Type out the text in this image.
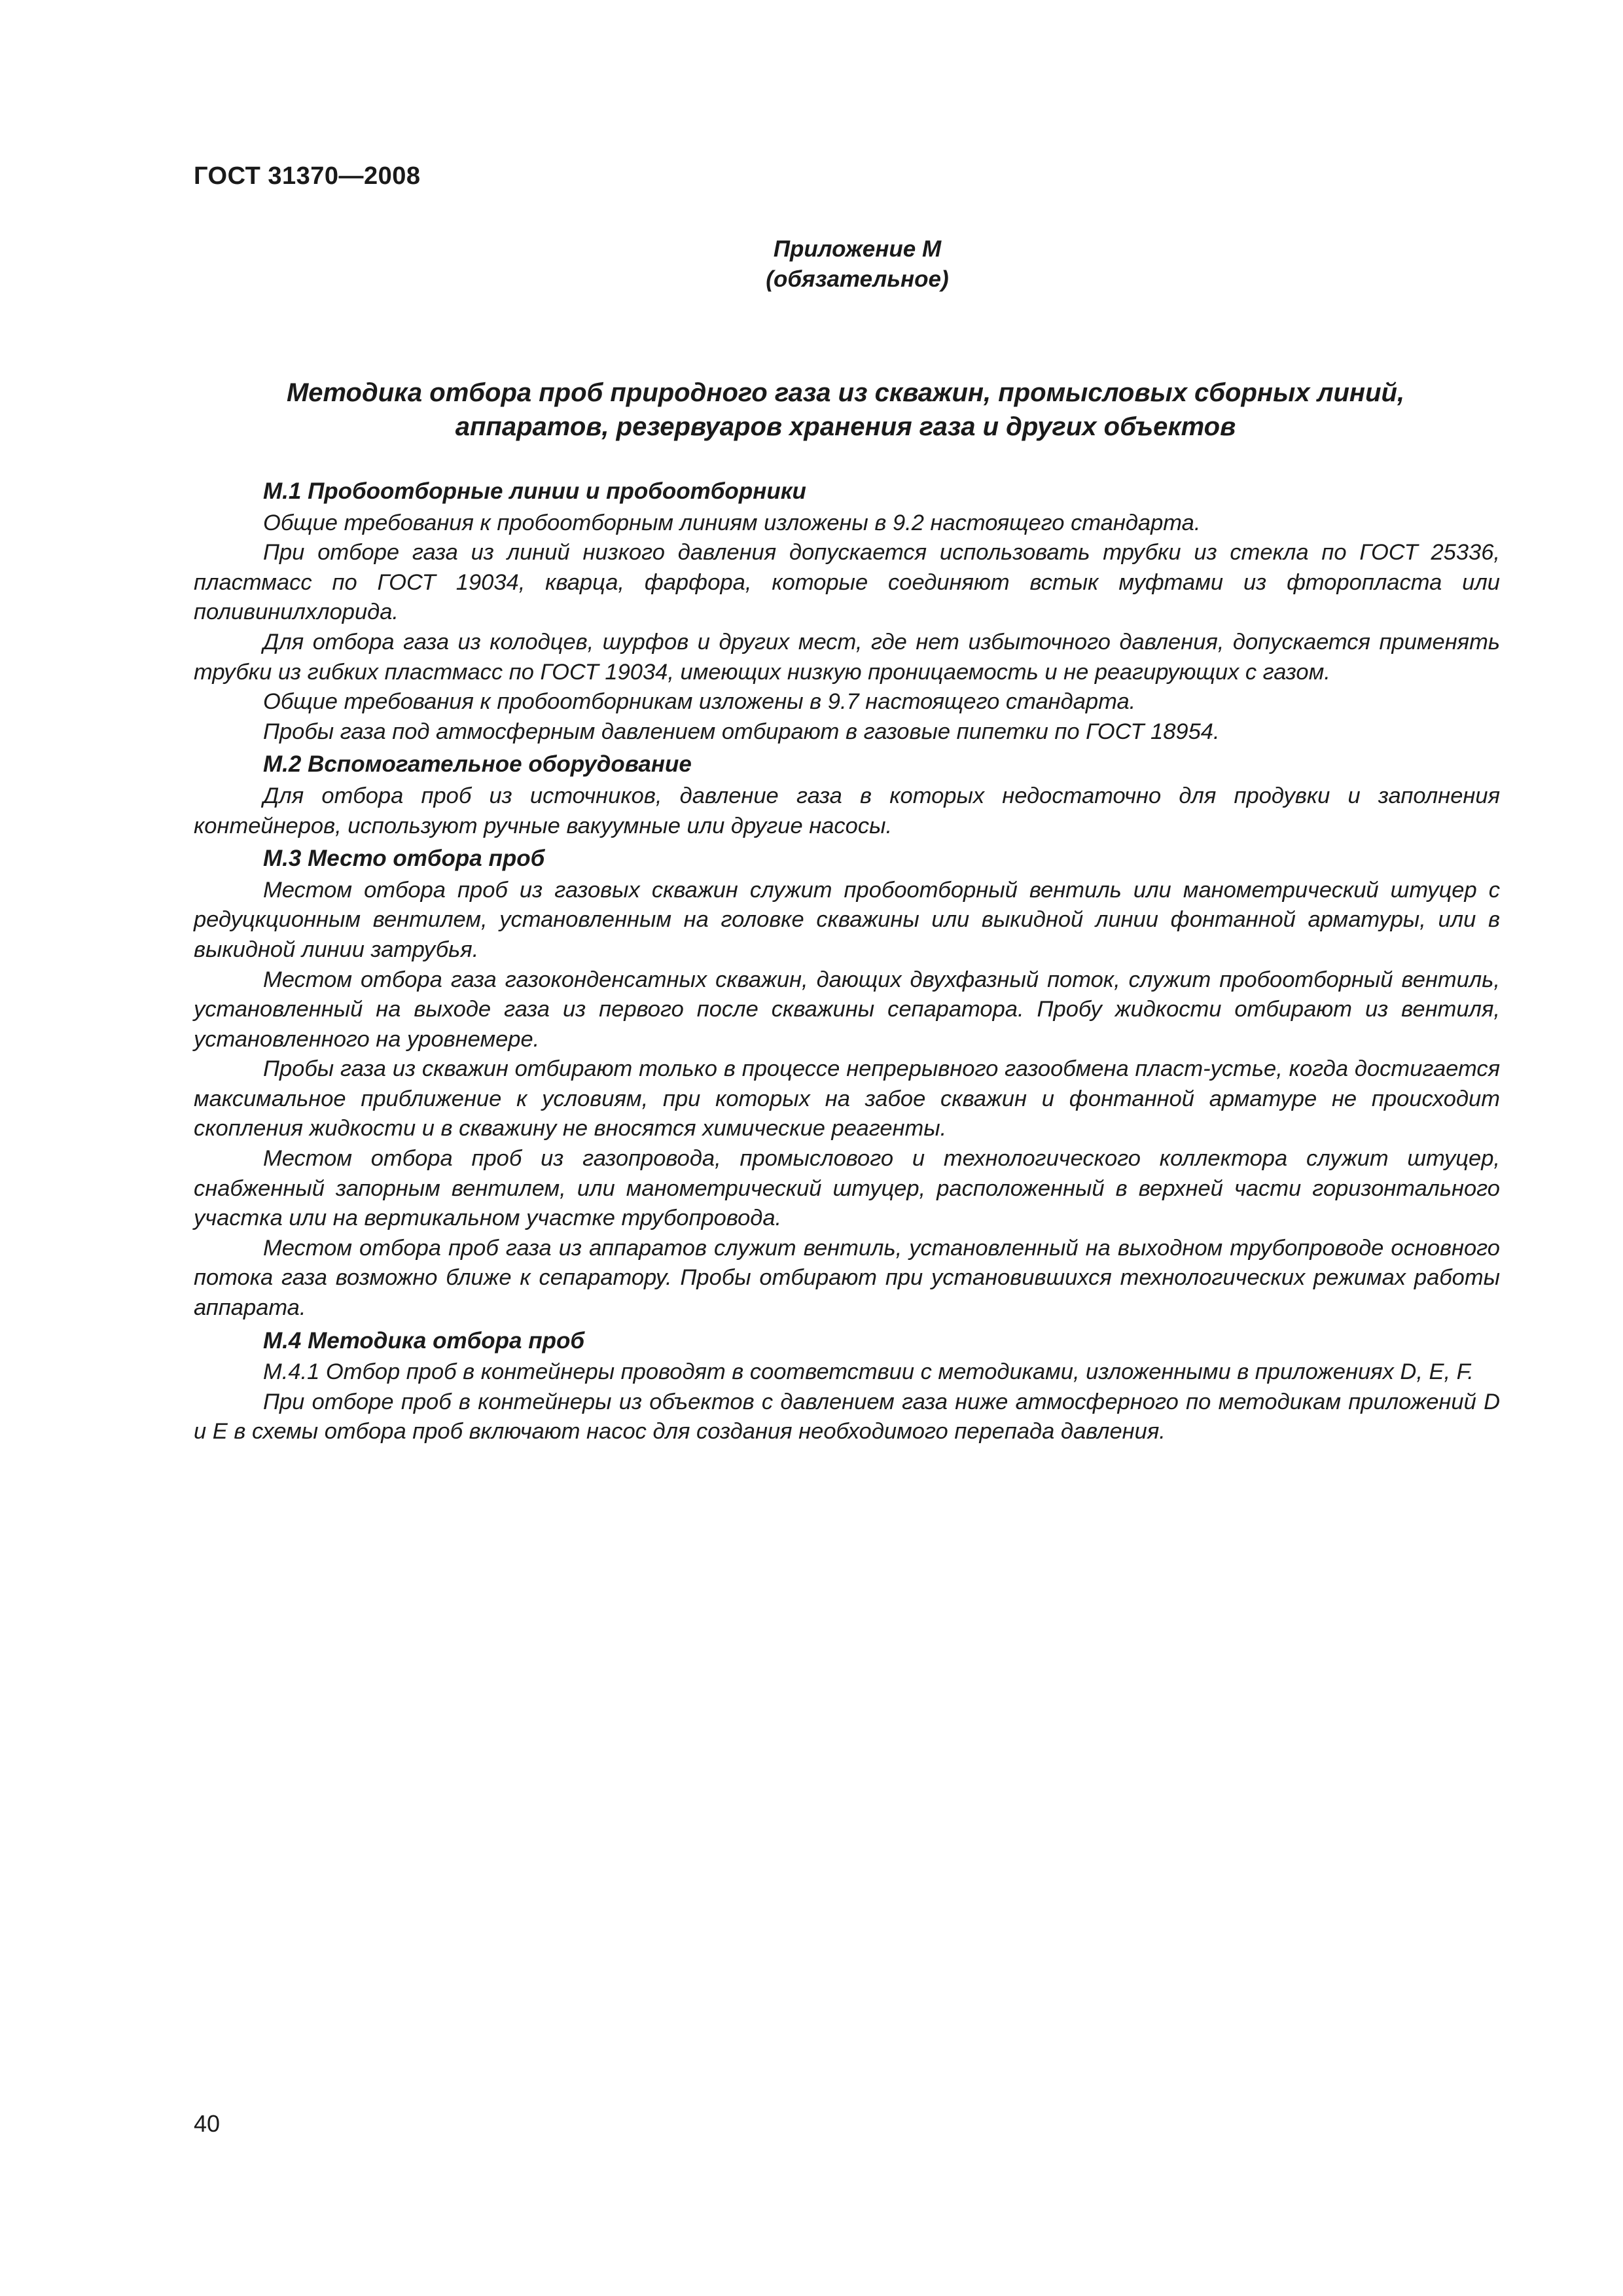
ГОСТ 31370—2008
Приложение М
(обязательное)
Методика отбора проб природного газа из скважин, промысловых сборных линий,
аппаратов, резервуаров хранения газа и других объектов
М.1 Пробоотборные линии и пробоотборники

Общие требования к пробоотборным линиям изложены в 9.2 настоящего стандарта.

При отборе газа из линий низкого давления допускается использовать трубки из стекла по ГОСТ 25336, пластмасс по ГОСТ 19034, кварца, фарфора, которые соединяют встык муфтами из фторопласта или поливинилхлорида.

Для отбора газа из колодцев, шурфов и других мест, где нет избыточного давления, допускается применять трубки из гибких пластмасс по ГОСТ 19034, имеющих низкую проницаемость и не реагирующих с газом.

Общие требования к пробоотборникам изложены в 9.7 настоящего стандарта.

Пробы газа под атмосферным давлением отбирают в газовые пипетки по ГОСТ 18954.

М.2 Вспомогательное оборудование

Для отбора проб из источников, давление газа в которых недостаточно для продувки и заполнения контейнеров, используют ручные вакуумные или другие насосы.

М.3 Место отбора проб

Местом отбора проб из газовых скважин служит пробоотборный вентиль или манометрический штуцер с редуцкционным вентилем, установленным на головке скважины или выкидной линии фонтанной арматуры, или в выкидной линии затрубья.

Местом отбора газа газоконденсатных скважин, дающих двухфазный поток, служит пробоотборный вентиль, установленный на выходе газа из первого после скважины сепаратора. Пробу жидкости отбирают из вентиля, установленного на уровнемере.

Пробы газа из скважин отбирают только в процессе непрерывного газообмена пласт-устье, когда достигается максимальное приближение к условиям, при которых на забое скважин и фонтанной арматуре не происходит скопления жидкости и в скважину не вносятся химические реагенты.

Местом отбора проб из газопровода, промыслового и технологического коллектора служит штуцер, снабженный запорным вентилем, или манометрический штуцер, расположенный в верхней части горизонтального участка или на вертикальном участке трубопровода.

Местом отбора проб газа из аппаратов служит вентиль, установленный на выходном трубопроводе основного потока газа возможно ближе к сепаратору. Пробы отбирают при установившихся технологических режимах работы аппарата.

М.4 Методика отбора проб

М.4.1 Отбор проб в контейнеры проводят в соответствии с методиками, изложенными в приложениях D, E, F.

При отборе проб в контейнеры из объектов с давлением газа ниже атмосферного по методикам приложений D и E в схемы отбора проб включают насос для создания необходимого перепада давления.

40
